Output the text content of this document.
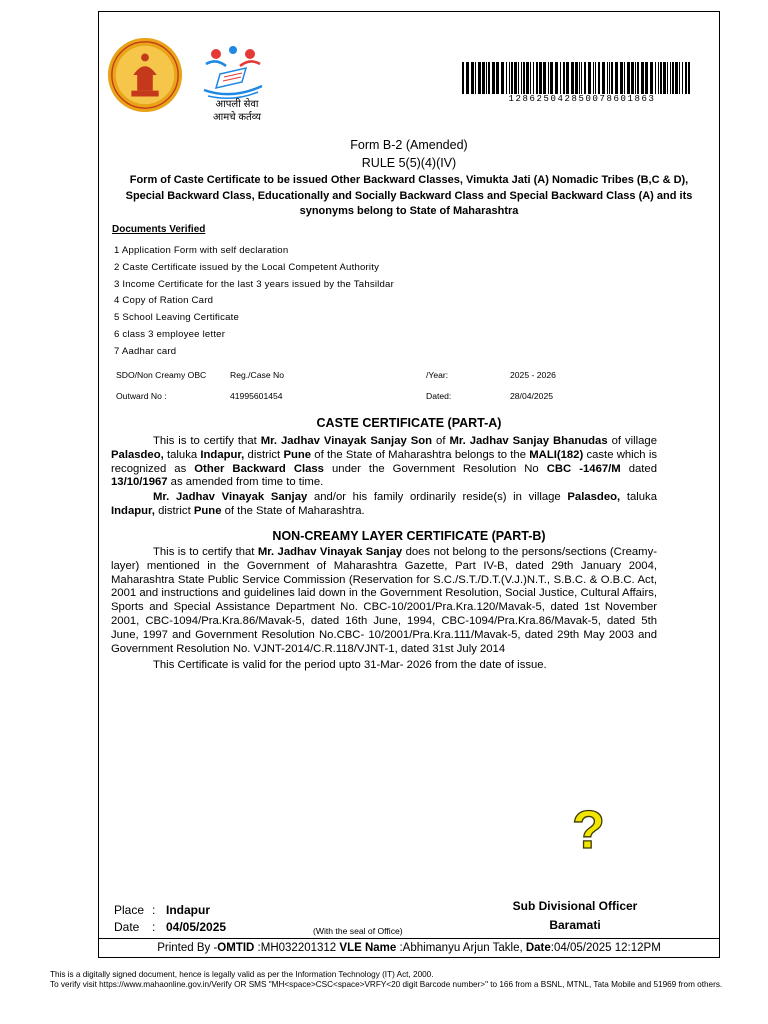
आपली सेवा
आमचे कर्तव्य
128625042850078601863
Form B-2 (Amended)
RULE 5(5)(4)(IV)
Form of Caste Certificate to be issued Other Backward Classes, Vimukta Jati (A) Nomadic Tribes (B,C & D), Special Backward Class, Educationally and Socially Backward Class and Special Backward Class (A) and its synonyms belong to State of Maharashtra
Documents Verified
1 Application Form with self declaration
2 Caste Certificate issued by the Local Competent Authority
3 Income Certificate for the last 3 years issued by the Tahsildar
4 Copy of Ration Card
5 School Leaving Certificate
6 class 3 employee letter
7 Aadhar card
SDO/Non Creamy OBC	Reg./Case No	/Year:	2025 - 2026
Outward No :	41995601454	Dated:	28/04/2025
CASTE CERTIFICATE (PART-A)

This is to certify that Mr. Jadhav Vinayak Sanjay Son of Mr. Jadhav Sanjay Bhanudas of village Palasdeo, taluka Indapur, district Pune of the State of Maharashtra belongs to the MALI(182) caste which is recognized as Other Backward Class under the Government Resolution No CBC -1467/M dated 13/10/1967 as amended from time to time.

Mr. Jadhav Vinayak Sanjay and/or his family ordinarily reside(s) in village Palasdeo, taluka Indapur, district Pune of the State of Maharashtra.

NON-CREAMY LAYER CERTIFICATE (PART-B)

This is to certify that Mr. Jadhav Vinayak Sanjay does not belong to the persons/sections (Creamy-layer) mentioned in the Government of Maharashtra Gazette, Part IV-B, dated 29th January 2004, Maharashtra State Public Service Commission (Reservation for S.C./S.T./D.T.(V.J.)N.T., S.B.C. & O.B.C. Act, 2001 and instructions and guidelines laid down in the Government Resolution, Social Justice, Cultural Affairs, Sports and Special Assistance Department No. CBC-10/2001/Pra.Kra.120/Mavak-5, dated 1st November 2001, CBC-1094/Pra.Kra.86/Mavak-5, dated 16th June, 1994, CBC-1094/Pra.Kra.86/Mavak-5, dated 5th June, 1997 and Government Resolution No.CBC- 10/2001/Pra.Kra.111/Mavak-5, dated 29th May 2003 and Government Resolution No. VJNT-2014/C.R.118/VJNT-1, dated 31st July 2014

This Certificate is valid for the period upto 31-Mar- 2026 from the date of issue.

?
Place : Indapur
Date : 04/05/2025	(With the seal of Office)
Sub Divisional Officer
Baramati
Printed By -OMTID :MH032201312 VLE Name :Abhimanyu Arjun Takle, Date:04/05/2025 12:12PM
This is a digitally signed document, hence is legally valid as per the Information Technology (IT) Act, 2000.
To verify visit https://www.mahaonline.gov.in/Verify OR SMS "MH<space>CSC<space>VRFY<20 digit Barcode number>" to 166 from a BSNL, MTNL, Tata Mobile and 51969 from others.
